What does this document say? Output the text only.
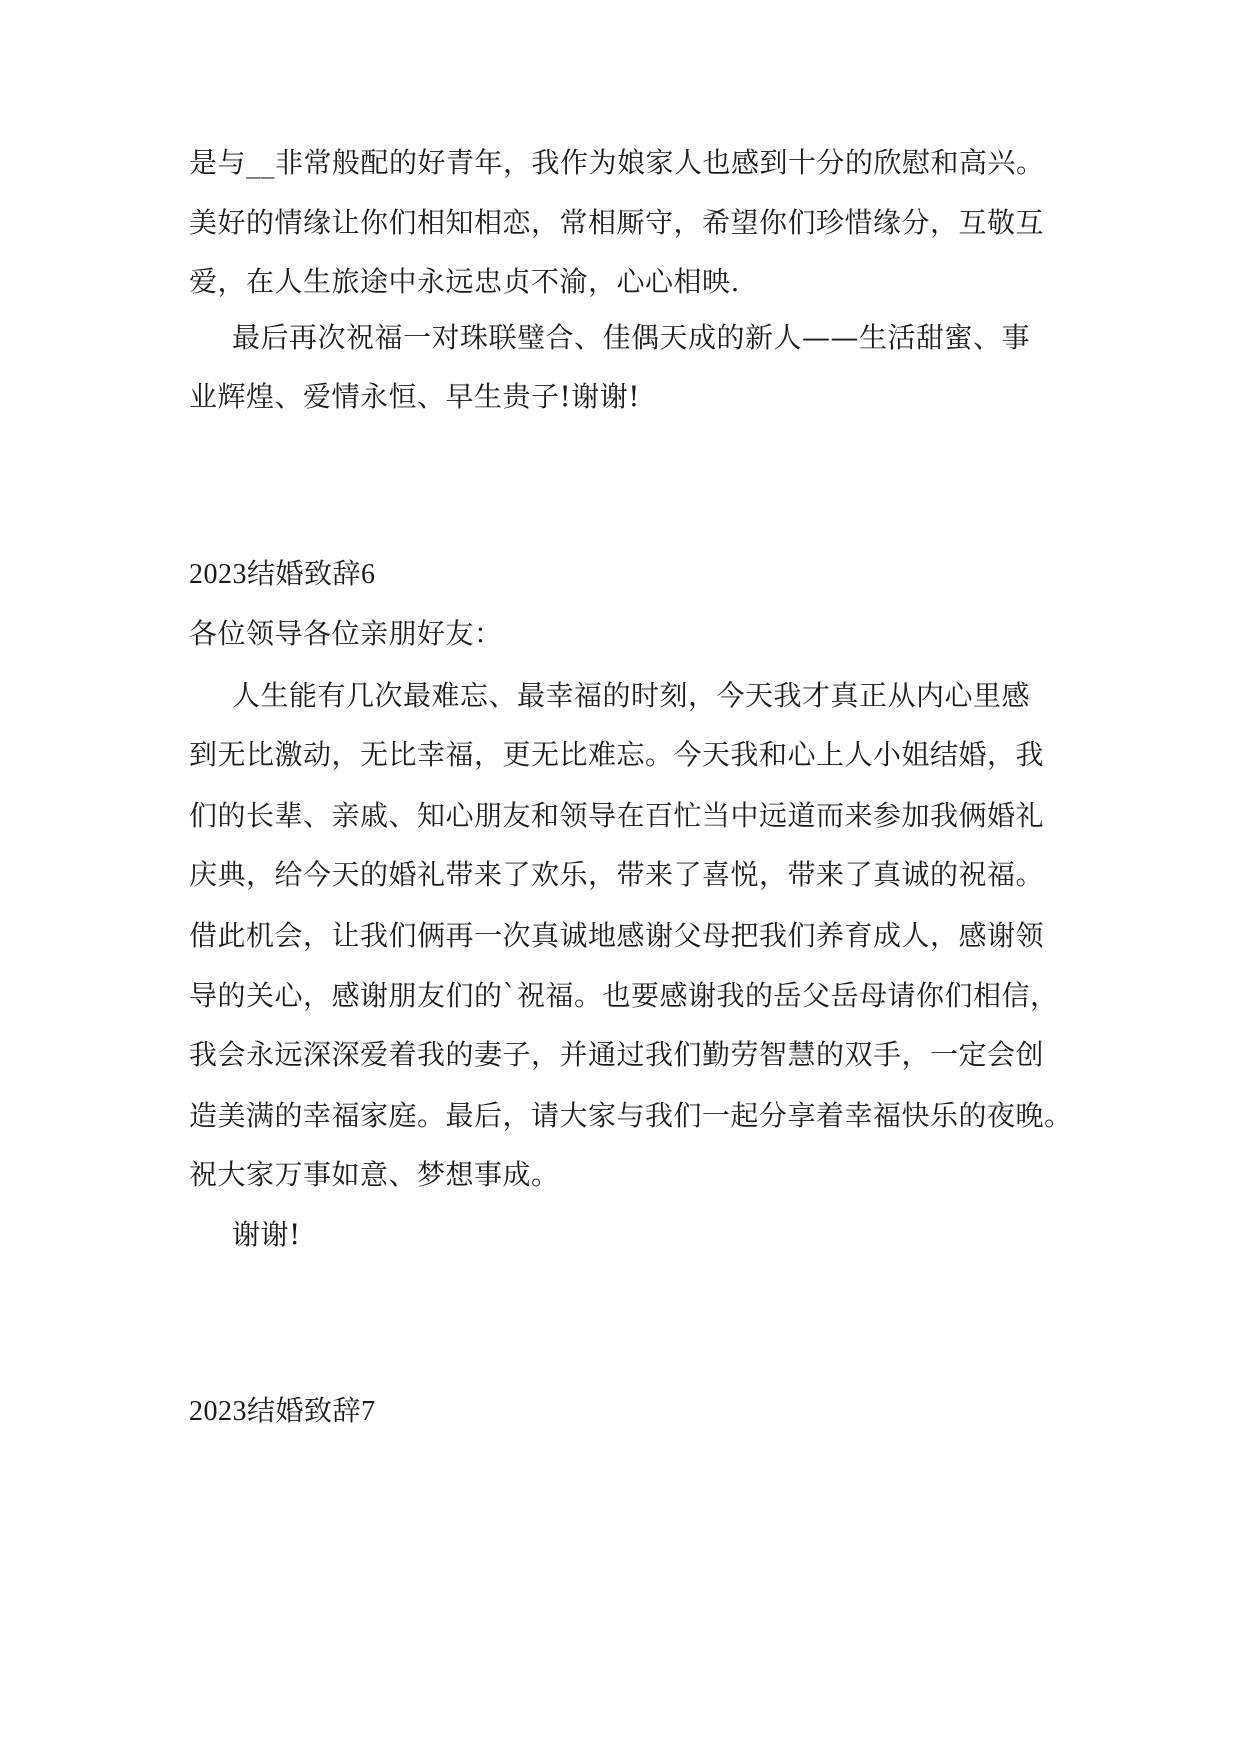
是与__非常般配的好青年，我作为娘家人也感到十分的欣慰和高兴。
美好的情缘让你们相知相恋，常相厮守，希望你们珍惜缘分，互敬互
爱，在人生旅途中永远忠贞不渝，心心相映.
最后再次祝福一对珠联璧合、佳偶天成的新人——生活甜蜜、事
业辉煌、爱情永恒、早生贵子!谢谢!
2023结婚致辞6
各位领导各位亲朋好友：
人生能有几次最难忘、最幸福的时刻，今天我才真正从内心里感
到无比激动，无比幸福，更无比难忘。今天我和心上人小姐结婚，我
们的长辈、亲戚、知心朋友和领导在百忙当中远道而来参加我俩婚礼
庆典，给今天的婚礼带来了欢乐，带来了喜悦，带来了真诚的祝福。
借此机会，让我们俩再一次真诚地感谢父母把我们养育成人，感谢领
导的关心，感谢朋友们的`祝福。也要感谢我的岳父岳母请你们相信，
我会永远深深爱着我的妻子，并通过我们勤劳智慧的双手，一定会创
造美满的幸福家庭。最后，请大家与我们一起分享着幸福快乐的夜晚。
祝大家万事如意、梦想事成。
谢谢!
2023结婚致辞7
